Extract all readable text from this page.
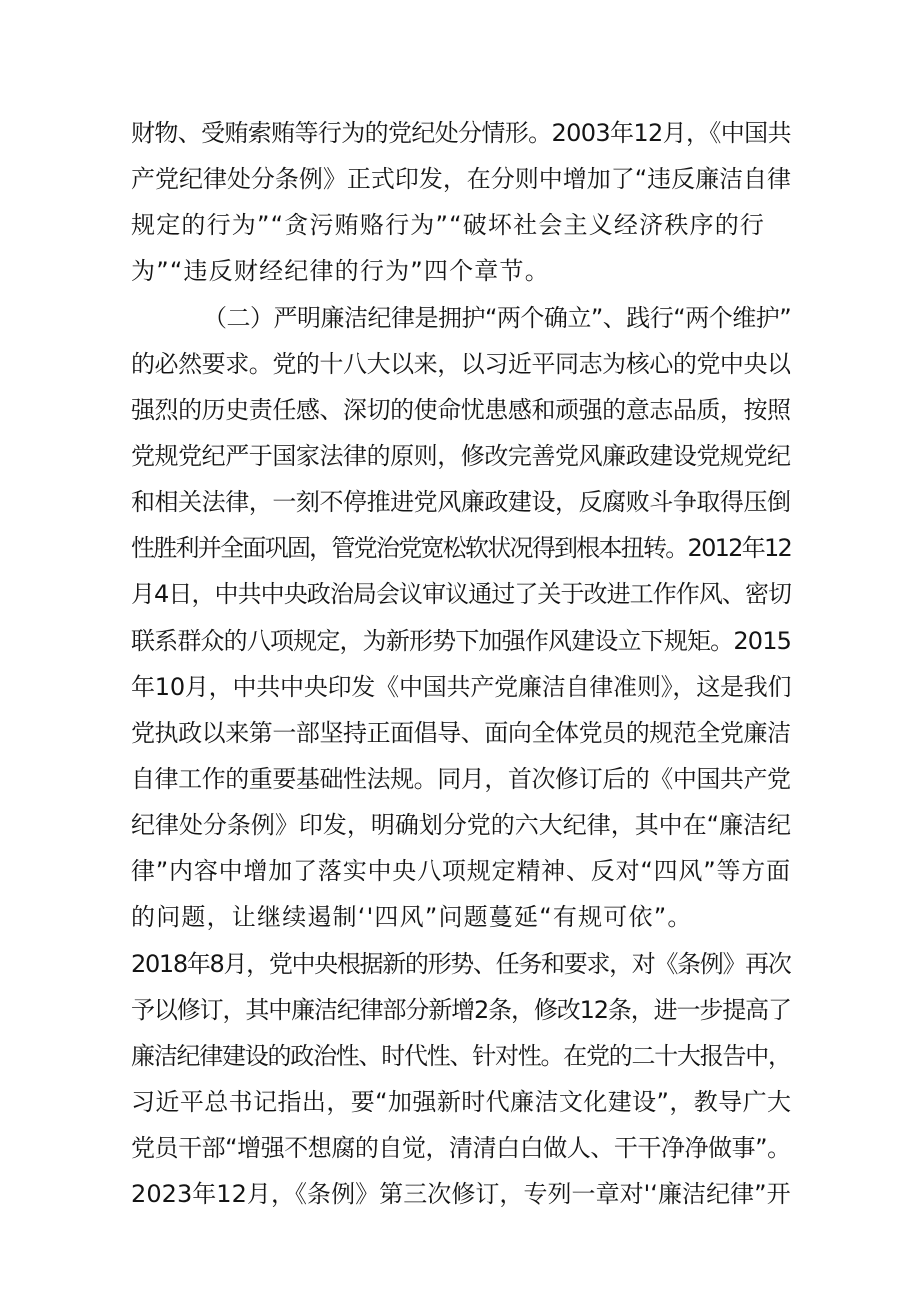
财物、受贿索贿等行为的党纪处分情形。2003年12月，《中国共
产党纪律处分条例》正式印发，在分则中增加了“违反廉洁自律
规定的行为”“贪污贿赂行为”“破坏社会主义经济秩序的行
为”“违反财经纪律的行为”四个章节。
（二）严明廉洁纪律是拥护“两个确立”、践行“两个维护”
的必然要求。党的十八大以来，以习近平同志为核心的党中央以
强烈的历史责任感、深切的使命忧患感和顽强的意志品质，按照
党规党纪严于国家法律的原则，修改完善党风廉政建设党规党纪
和相关法律，一刻不停推进党风廉政建设，反腐败斗争取得压倒
性胜利并全面巩固，管党治党宽松软状况得到根本扭转。2012年12
月4日，中共中央政治局会议审议通过了关于改进工作作风、密切
联系群众的八项规定，为新形势下加强作风建设立下规矩。2015
年10月，中共中央印发《中国共产党廉洁自律准则》，这是我们
党执政以来第一部坚持正面倡导、面向全体党员的规范全党廉洁
自律工作的重要基础性法规。同月，首次修订后的《中国共产党
纪律处分条例》印发，明确划分党的六大纪律，其中在“廉洁纪
律”内容中增加了落实中央八项规定精神、反对“四风”等方面
的问题，让继续遏制‘'四风”问题蔓延“有规可依”。
2018年8月，党中央根据新的形势、任务和要求，对《条例》再次
予以修订，其中廉洁纪律部分新增2条，修改12条，进一步提高了
廉洁纪律建设的政治性、时代性、针对性。在党的二十大报告中，
习近平总书记指出，要“加强新时代廉洁文化建设”，教导广大
党员干部“增强不想腐的自觉，清清白白做人、干干净净做事”。
2023年12月，《条例》第三次修订，专列一章对'‘廉洁纪律”开
